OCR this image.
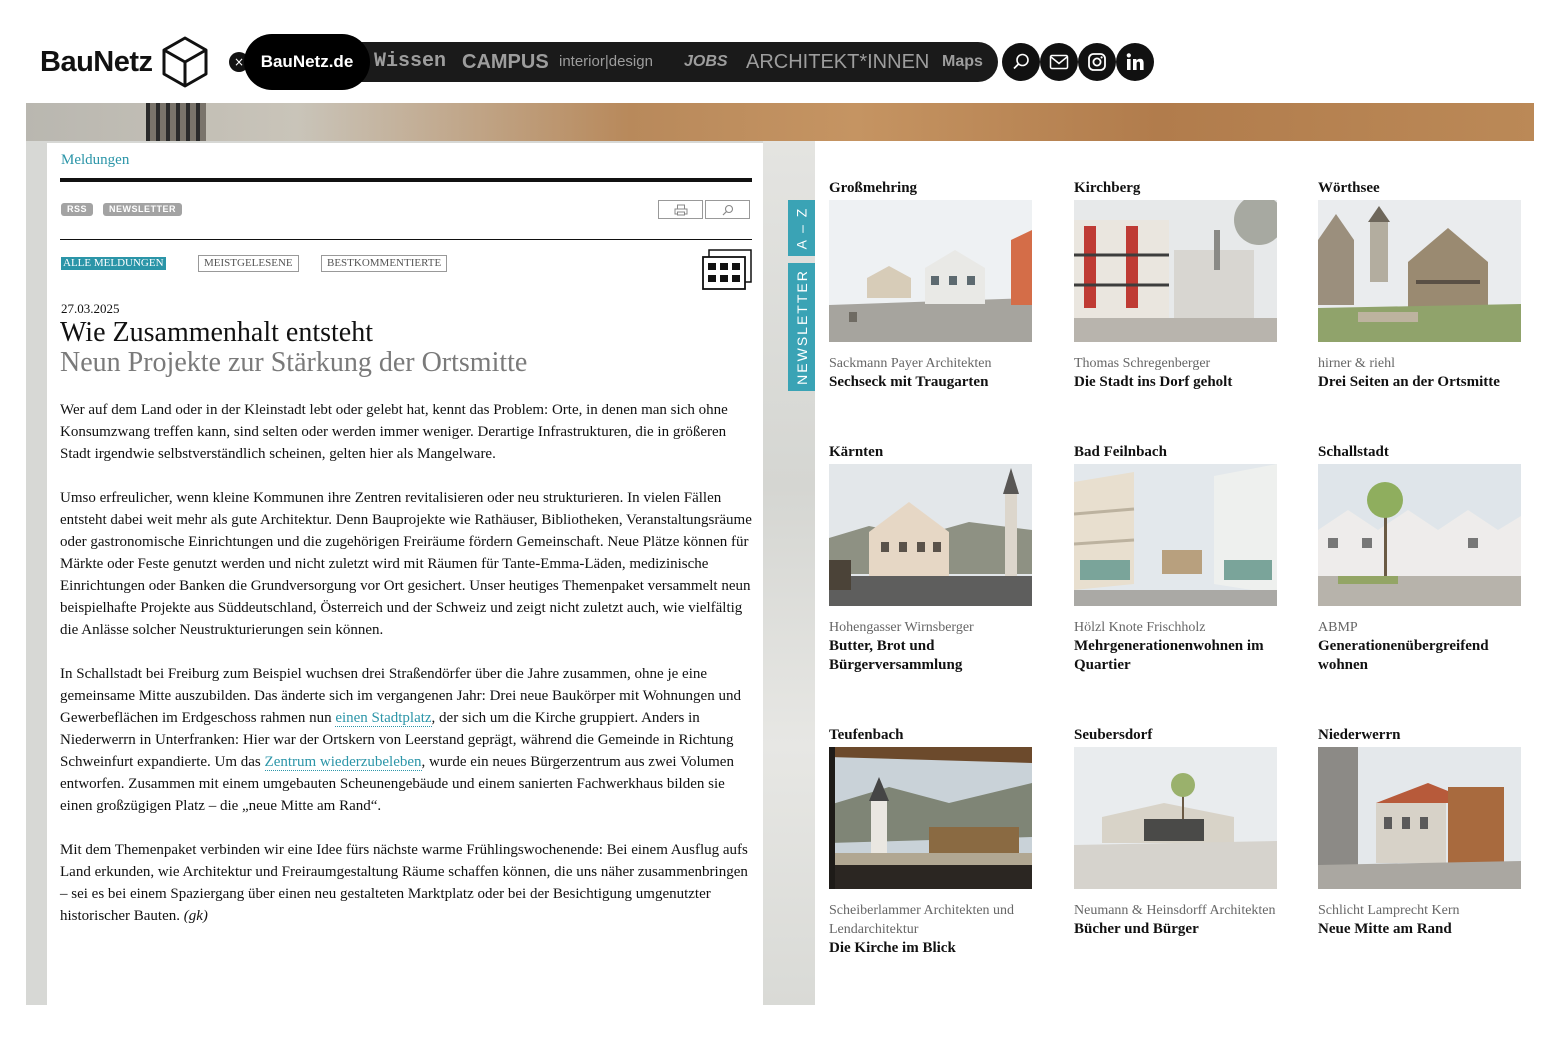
BauNetz	× BauNetz.de	Wissen CAMPUS interior|design JOBS ARCHITEKT*INNEN Maps
Meldungen
RSS	NEWSLETTER
ALLE MELDUNGEN	MEISTGELESENE	BESTKOMMENTIERTE
27.03.2025
Wie Zusammenhalt entsteht
Neun Projekte zur Stärkung der Ortsmitte

Wer auf dem Land oder in der Kleinstadt lebt oder gelebt hat, kennt das Problem: Orte, in denen man sich ohne Konsumzwang treffen kann, sind selten oder werden immer weniger. Derartige Infrastrukturen, die in größeren Stadt irgendwie selbstverständlich scheinen, gelten hier als Mangelware.

Umso erfreulicher, wenn kleine Kommunen ihre Zentren revitalisieren oder neu strukturieren. In vielen Fällen entsteht dabei weit mehr als gute Architektur. Denn Bauprojekte wie Rathäuser, Bibliotheken, Veranstaltungsräume oder gastronomische Einrichtungen und die zugehörigen Freiräume fördern Gemeinschaft. Neue Plätze können für Märkte oder Feste genutzt werden und nicht zuletzt wird mit Räumen für Tante-Emma-Läden, medizinische Einrichtungen oder Banken die Grundversorgung vor Ort gesichert. Unser heutiges Themenpaket versammelt neun beispielhafte Projekte aus Süddeutschland, Österreich und der Schweiz und zeigt nicht zuletzt auch, wie vielfältig die Anlässe solcher Neustrukturierungen sein können.

In Schallstadt bei Freiburg zum Beispiel wuchsen drei Straßendörfer über die Jahre zusammen, ohne je eine gemeinsame Mitte auszubilden. Das änderte sich im vergangenen Jahr: Drei neue Baukörper mit Wohnungen und Gewerbeflächen im Erdgeschoss rahmen nun einen Stadtplatz, der sich um die Kirche gruppiert. Anders in Niederwerrn in Unterfranken: Hier war der Ortskern von Leerstand geprägt, während die Gemeinde in Richtung Schweinfurt expandierte. Um das Zentrum wiederzubeleben, wurde ein neues Bürgerzentrum aus zwei Volumen entworfen. Zusammen mit einem umgebauten Scheunengebäude und einem sanierten Fachwerkhaus bilden sie einen großzügigen Platz – die „neue Mitte am Rand“.

Mit dem Themenpaket verbinden wir eine Idee fürs nächste warme Frühlingswochenende: Bei einem Ausflug aufs Land erkunden, wie Architektur und Freiraumgestaltung Räume schaffen können, die uns näher zusammenbringen – sei es bei einem Spaziergang über einen neu gestalteten Marktplatz oder bei der Besichtigung umgenutzter historischer Bauten. (gk)

A – Z
NEWSLETTER
Großmehring
Sackmann Payer Architekten
Sechseck mit Traugarten
Kirchberg
Thomas Schregenberger
Die Stadt ins Dorf geholt
Wörthsee
hirner & riehl
Drei Seiten an der Ortsmitte
Kärnten
Hohengasser Wirnsberger
Butter, Brot und Bürgerversammlung
Bad Feilnbach
Hölzl Knote Frischholz
Mehrgenerationenwohnen im Quartier
Schallstadt
ABMP
Generationenübergreifend wohnen
Teufenbach
Scheiberlammer Architekten und Lendarchitektur
Die Kirche im Blick
Seubersdorf
Neumann & Heinsdorff Architekten
Bücher und Bürger
Niederwerrn
Schlicht Lamprecht Kern
Neue Mitte am Rand
